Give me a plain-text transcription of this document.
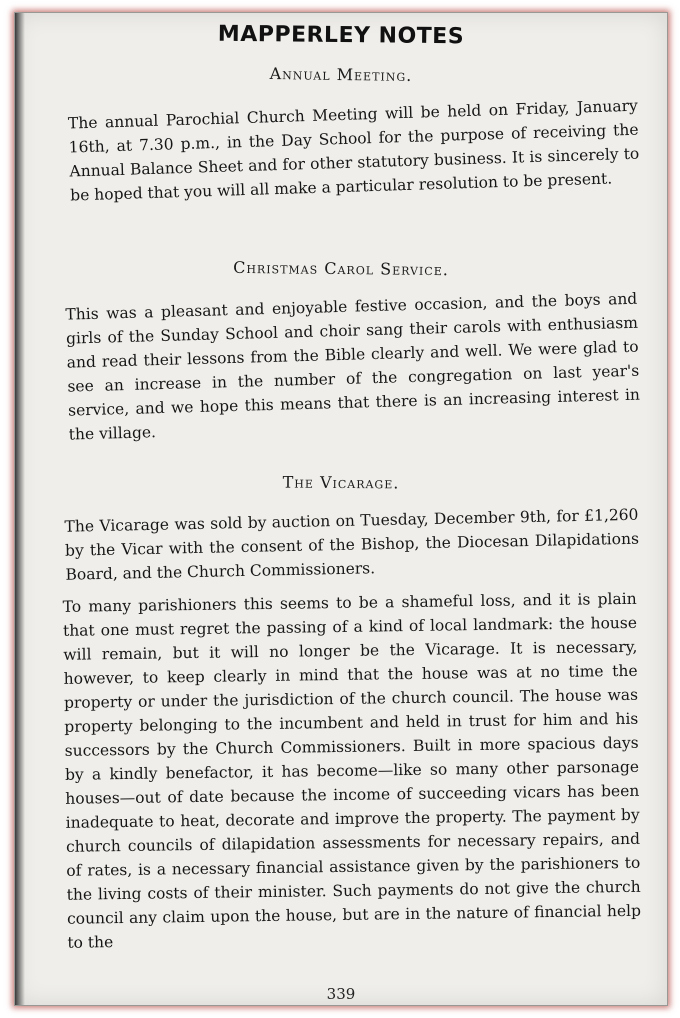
MAPPERLEY NOTES
Annual Meeting.
The annual Parochial Church Meeting will be held on Friday, January 16th, at 7.30 p.m., in the Day School for the purpose of receiving the Annual Balance Sheet and for other statutory business. It is sincerely to be hoped that you will all make a particular resolution to be present.
Christmas Carol Service.
This was a pleasant and enjoyable festive occasion, and the boys and girls of the Sunday School and choir sang their carols with enthusiasm and read their lessons from the Bible clearly and well. We were glad to see an increase in the number of the congregation on last year's service, and we hope this means that there is an increasing interest in the village.
The Vicarage.
The Vicarage was sold by auction on Tuesday, December 9th, for £1,260 by the Vicar with the consent of the Bishop, the Diocesan Dilapidations Board, and the Church Commissioners.
To many parishioners this seems to be a shameful loss, and it is plain that one must regret the passing of a kind of local landmark: the house will remain, but it will no longer be the Vicarage. It is necessary, however, to keep clearly in mind that the house was at no time the property or under the jurisdiction of the church council. The house was property belonging to the incumbent and held in trust for him and his successors by the Church Commissioners. Built in more spacious days by a kindly benefactor, it has become—like so many other parsonage houses—out of date because the income of succeeding vicars has been inadequate to heat, decorate and improve the property. The payment by church councils of dilapidation assessments for necessary repairs, and of rates, is a necessary financial assistance given by the parishioners to the living costs of their minister. Such payments do not give the church council any claim upon the house, but are in the nature of financial help to the
339
